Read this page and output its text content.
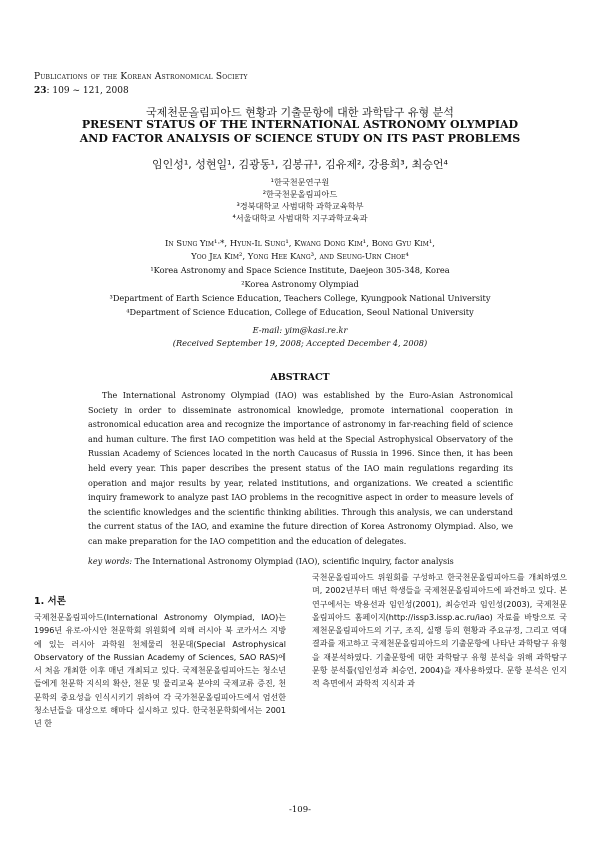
Publications of the Korean Astronomical Society
23: 109 ~ 121, 2008
국제천문올림피아드 현황과 기출문항에 대한 과학탐구 유형 분석
PRESENT STATUS OF THE INTERNATIONAL ASTRONOMY OLYMPIAD
AND FACTOR ANALYSIS OF SCIENCE STUDY ON ITS PAST PROBLEMS
임인성¹, 성현일¹, 김광동¹, 김봉규¹, 김유제², 강용희³, 최승언⁴
¹한국천문연구원
²한국천문올림피아드
³경북대학교 사범대학 과학교육학부
⁴서울대학교 사범대학 지구과학교육과
In Sung Yim¹·*, Hyun-Il Sung¹, Kwang Dong Kim¹, Bong Gyu Kim¹,
Yoo Jea Kim², Yong Hee Kang³, and Seung-Urn Choe⁴
¹Korea Astronomy and Space Science Institute, Daejeon 305-348, Korea
²Korea Astronomy Olympiad
³Department of Earth Science Education, Teachers College, Kyungpook National University
⁴Department of Science Education, College of Education, Seoul National University
E-mail: yim@kasi.re.kr
(Received September 19, 2008; Accepted December 4, 2008)
ABSTRACT

The International Astronomy Olympiad (IAO) was established by the Euro-Asian Astronomical Society in order to disseminate astronomical knowledge, promote international cooperation in astronomical education area and recognize the importance of astronomy in far-reaching field of science and human culture. The first IAO competition was held at the Special Astrophysical Observatory of the Russian Academy of Sciences located in the north Caucasus of Russia in 1996. Since then, it has been held every year. This paper describes the present status of the IAO main regulations regarding its operation and major results by year, related institutions, and organizations. We created a scientific inquiry framework to analyze past IAO problems in the recognitive aspect in order to measure levels of the scientific knowledges and the scientific thinking abilities. Through this analysis, we can understand the current status of the IAO, and examine the future direction of Korea Astronomy Olympiad. Also, we can make preparation for the IAO competition and the education of delegates.

key words: The International Astronomy Olympiad (IAO), scientific inquiry, factor analysis
1. 서론
국제천문올림피아드(International Astronomy Olympiad, IAO)는 1996년 유로-아시안 천문학회 위원회에 의해 러시아 북 코카서스 지방에 있는 러시아 과학원 천체물리 천문대(Special Astrophysical Observatory of the Russian Academy of Sciences, SAO RAS)에서 처음 개최한 이후 매년 개최되고 있다. 국제천문올림피아드는 청소년들에게 천문학 지식의 확산, 천문 및 물리교육 분야의 국제교류 증진, 천문학의 중요성을 인식시키기 위하여 각 국가천문올림피아드에서 엄선한 청소년들을 대상으로 해마다 실시하고 있다. 한국천문학회에서는 2001년 한
국천문올림피아드 위원회를 구성하고 한국천문올림피아드를 개최하였으며, 2002년부터 매년 학생들을 국제천문올림피아드에 파견하고 있다. 본 연구에서는 박용선과 임인성(2001), 최승언과 임인성(2003), 국제천문올림피아드 홈페이지(http://issp3.issp.ac.ru/iao) 자료를 바탕으로 국제천문올림피아드의 기구, 조직, 실행 등의 현황과 주요규정, 그리고 역대 결과를 재고하고 국제천문올림피아드의 기출문항에 나타난 과학탐구 유형을 재분석하였다. 기출문항에 대한 과학탐구 유형 분석을 위해 과학탐구 문항 분석틀(임인성과 최승언, 2004)을 재사용하였다. 문항 분석은 인지적 측면에서 과학적 지식과 과
-109-
